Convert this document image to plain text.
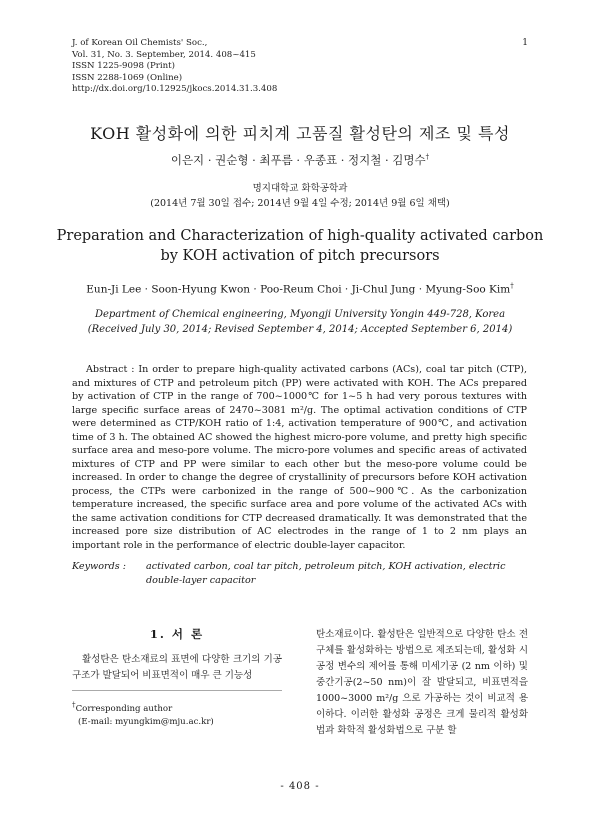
J. of Korean Oil Chemists' Soc.,
Vol. 31, No. 3. September, 2014. 408~415
ISSN 1225-9098 (Print)
ISSN 2288-1069 (Online)
http://dx.doi.org/10.12925/jkocs.2014.31.3.408
1
KOH 활성화에 의한 피치계 고품질 활성탄의 제조 및 특성
이은지 · 권순형 · 최푸름 · 우종표 · 정지철 · 김명수†
명지대학교 화학공학과
(2014년 7월 30일 접수; 2014년 9월 4일 수정; 2014년 9월 6일 채택)
Preparation and Characterization of high-quality activated carbon
by KOH activation of pitch precursors
Eun-Ji Lee · Soon-Hyung Kwon · Poo-Reum Choi · Ji-Chul Jung · Myung-Soo Kim†
Department of Chemical engineering, Myongji University Yongin 449-728, Korea
(Received July 30, 2014; Revised September 4, 2014; Accepted September 6, 2014)

Abstract : In order to prepare high-quality activated carbons (ACs), coal tar pitch (CTP), and mixtures of CTP and petroleum pitch (PP) were activated with KOH. The ACs prepared by activation of CTP in the range of 700~1000℃ for 1~5 h had very porous textures with large specific surface areas of 2470~3081 m²/g. The optimal activation conditions of CTP were determined as CTP/KOH ratio of 1:4, activation temperature of 900℃, and activation time of 3 h. The obtained AC showed the highest micro-pore volume, and pretty high specific surface area and meso-pore volume. The micro-pore volumes and specific areas of activated mixtures of CTP and PP were similar to each other but the meso-pore volume could be increased. In order to change the degree of crystallinity of precursors before KOH activation process, the CTPs were carbonized in the range of 500~900℃. As the carbonization temperature increased, the specific surface area and pore volume of the activated ACs with the same activation conditions for CTP decreased dramatically. It was demonstrated that the increased pore size distribution of AC electrodes in the range of 1 to 2 nm plays an important role in the performance of electric double-layer capacitor.

Keywords :	activated carbon, coal tar pitch, petroleum pitch, KOH activation, electric double-layer capacitor
1. 서 론

활성탄은 탄소재료의 표면에 다양한 크기의 기공구조가 발달되어 비표면적이 매우 큰 기능성

탄소재료이다. 활성탄은 일반적으로 다양한 탄소 전구체를 활성화하는 방법으로 제조되는데, 활성화 시 공정 변수의 제어를 통해 미세기공 (2 nm 이하) 및 중간기공(2~50 nm)이 잘 발달되고, 비표면적을 1000~3000 m²/g 으로 가공하는 것이 비교적 용이하다. 이러한 활성화 공정은 크게 물리적 활성화법과 화학적 활성화법으로 구분 할

†Corresponding author
(E-mail: myungkim@mju.ac.kr)
- 408 -
